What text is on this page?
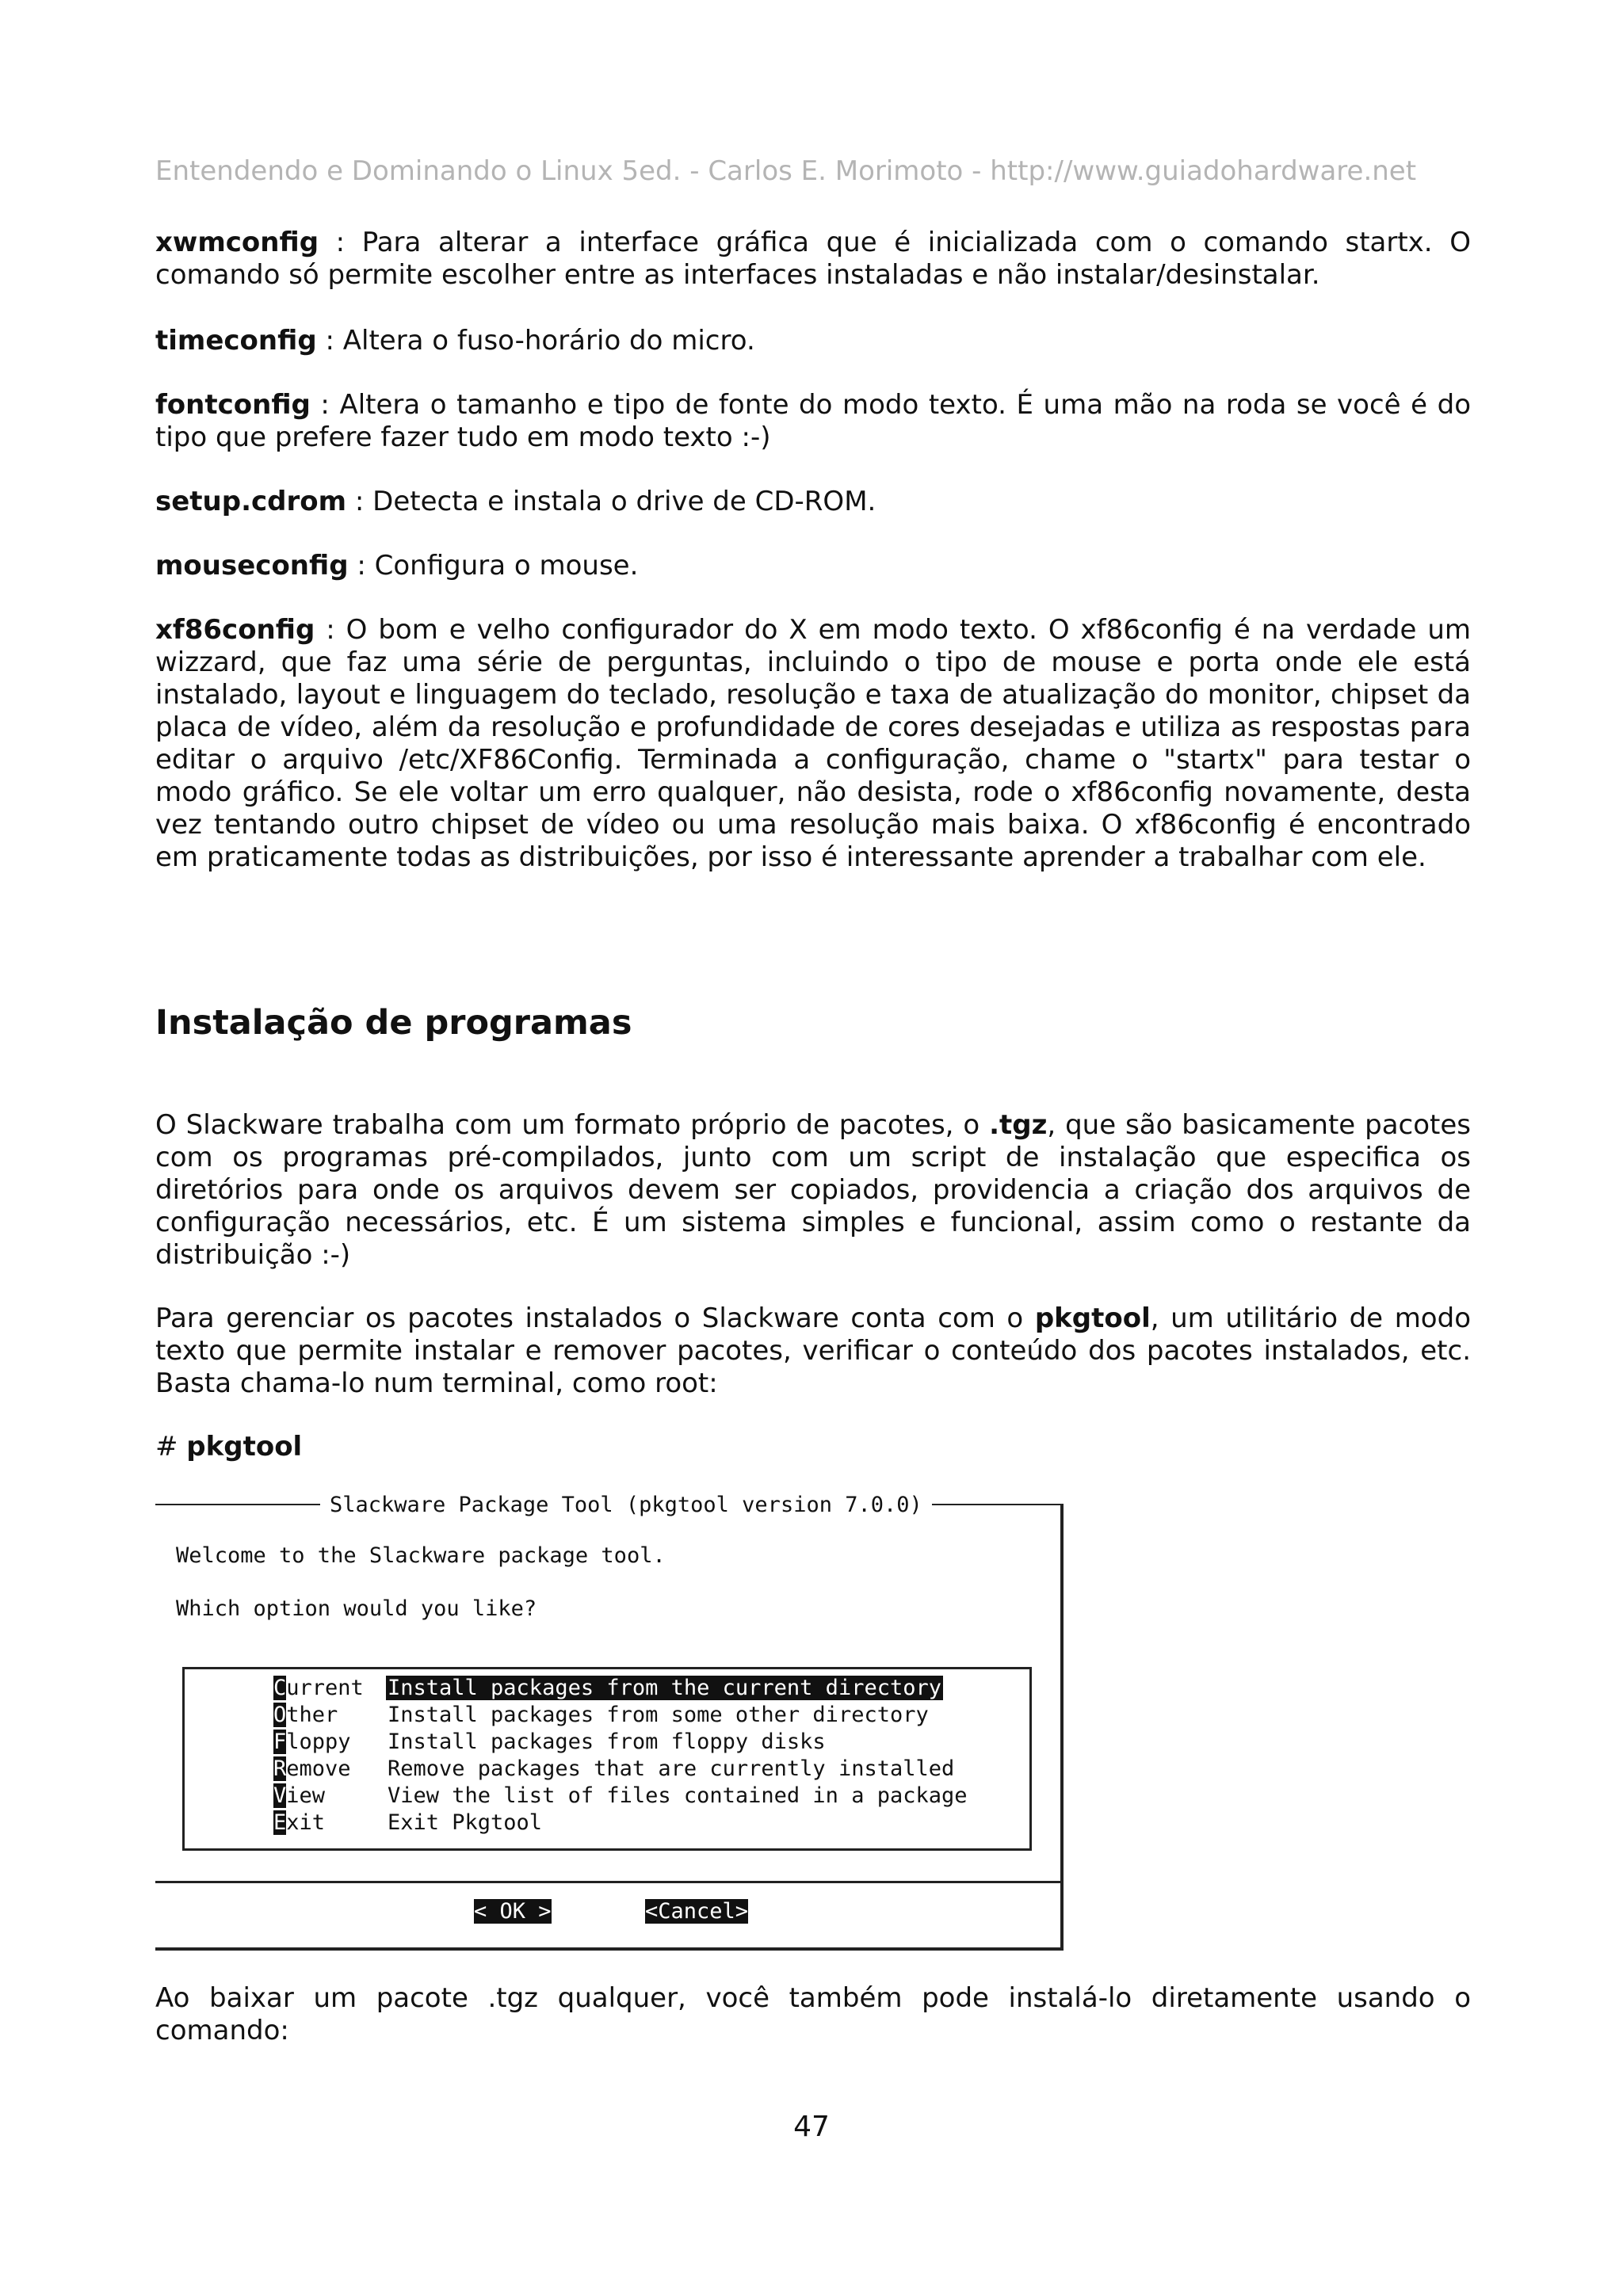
Entendendo e Dominando o Linux 5ed. - Carlos E. Morimoto - http://www.guiadohardware.net

xwmconfig : Para alterar a interface gráfica que é inicializada com o comando startx. O comando só permite escolher entre as interfaces instaladas e não instalar/desinstalar.

timeconfig : Altera o fuso-horário do micro.

fontconfig : Altera o tamanho e tipo de fonte do modo texto. É uma mão na roda se você é do tipo que prefere fazer tudo em modo texto :-)

setup.cdrom : Detecta e instala o drive de CD-ROM.

mouseconfig : Configura o mouse.

xf86config : O bom e velho configurador do X em modo texto. O xf86config é na verdade um wizzard, que faz uma série de perguntas, incluindo o tipo de mouse e porta onde ele está instalado, layout e linguagem do teclado, resolução e taxa de atualização do monitor, chipset da placa de vídeo, além da resolução e profundidade de cores desejadas e utiliza as respostas para editar o arquivo /etc/XF86Config. Terminada a configuração, chame o "startx" para testar o modo gráfico. Se ele voltar um erro qualquer, não desista, rode o xf86config novamente, desta vez tentando outro chipset de vídeo ou uma resolução mais baixa. O xf86config é encontrado em praticamente todas as distribuições, por isso é interessante aprender a trabalhar com ele.

Instalação de programas

O Slackware trabalha com um formato próprio de pacotes, o .tgz, que são basicamente pacotes com os programas pré-compilados, junto com um script de instalação que especifica os diretórios para onde os arquivos devem ser copiados, providencia a criação dos arquivos de configuração necessários, etc. É um sistema simples e funcional, assim como o restante da distribuição :-)

Para gerenciar os pacotes instalados o Slackware conta com o pkgtool, um utilitário de modo texto que permite instalar e remover pacotes, verificar o conteúdo dos pacotes instalados, etc. Basta chama-lo num terminal, como root:

# pkgtool
Slackware Package Tool (pkgtool version 7.0.0)
Welcome to the Slackware package tool.
Which option would you like?
Current Install packages from the current directory
Other Install packages from some other directory
Floppy Install packages from floppy disks
Remove Remove packages that are currently installed
View	View the list of files contained in a package
Exit	Exit Pkgtool
< OK >	<Cancel>

Ao baixar um pacote .tgz qualquer, você também pode instalá-lo diretamente usando o comando:

47
